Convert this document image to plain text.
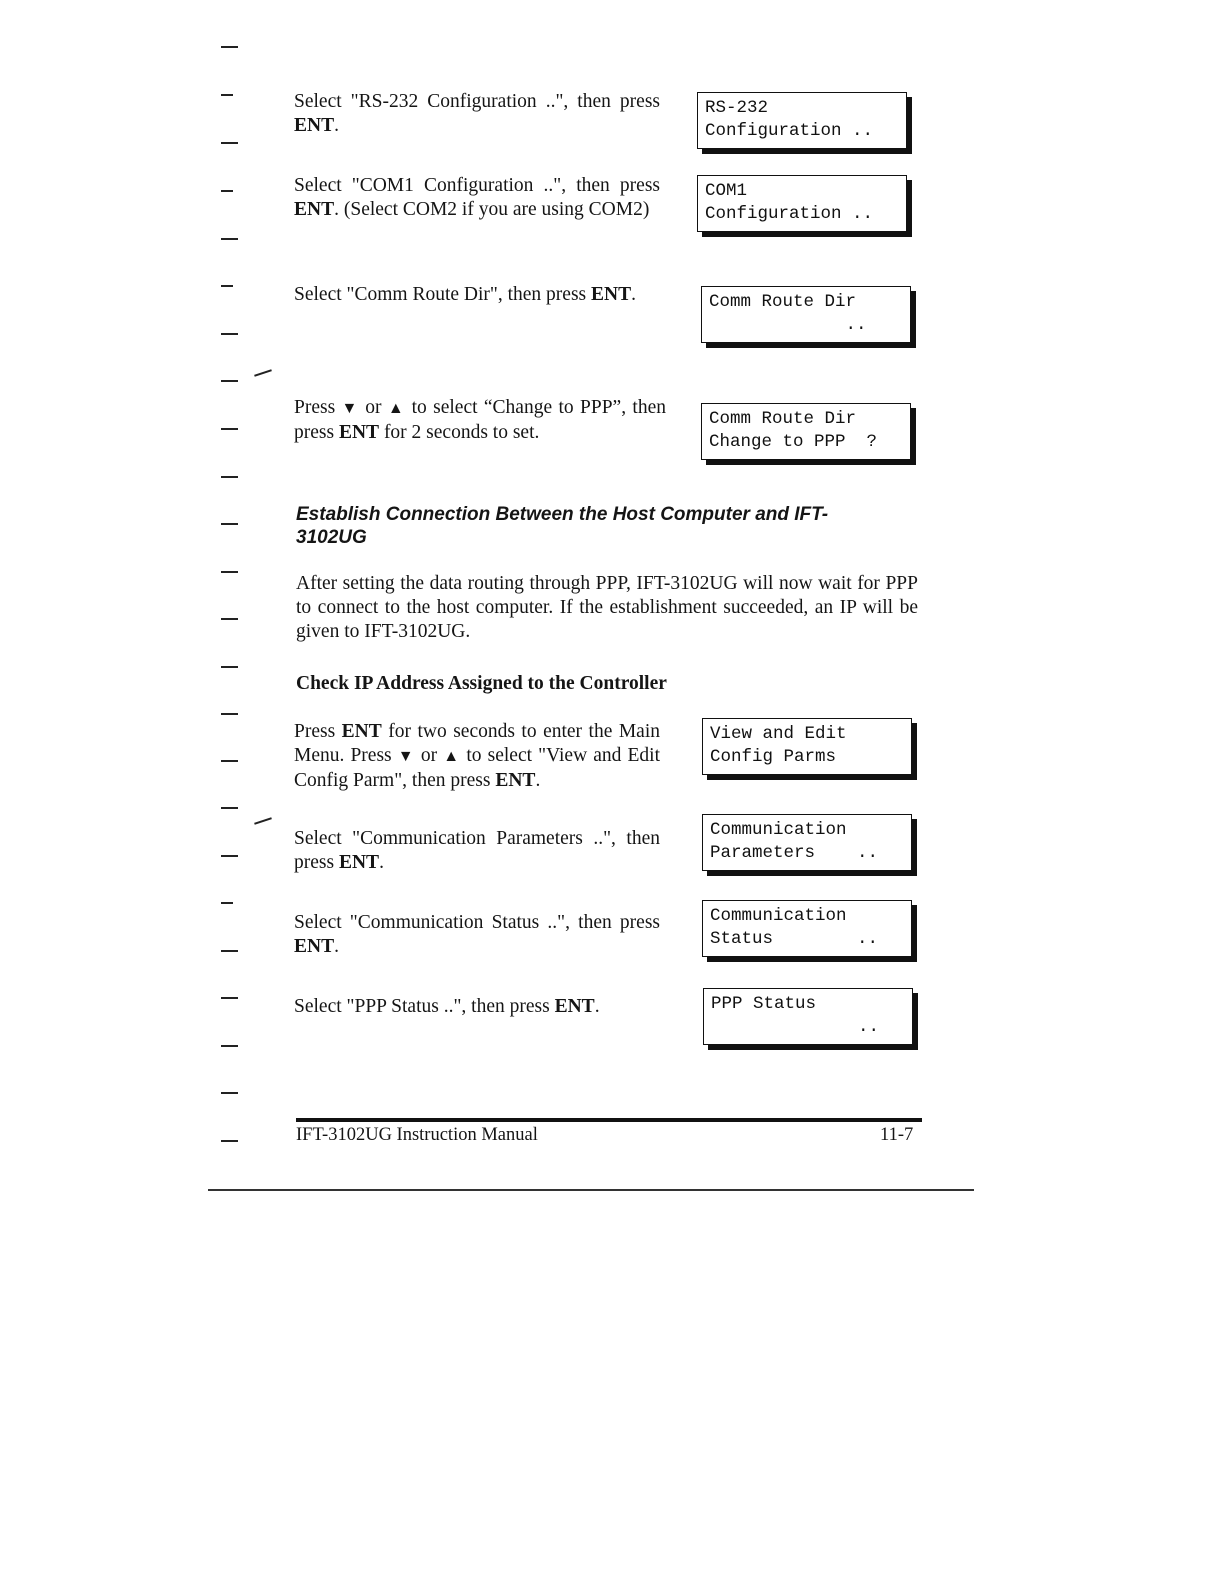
Select "RS-232 Configuration ..", then press ENT.
RS-232
Configuration ..
Select "COM1 Configuration ..", then press ENT. (Select COM2 if you are using COM2)
COM1
Configuration ..
Select "Comm Route Dir", then press ENT.	Comm Route Dir
..
Press ▼ or ▲ to select “Change to PPP”, then press ENT for 2 seconds to set.
Comm Route Dir
Change to PPP  ?
Establish Connection Between the Host Computer and IFT-
3102UG
After setting the data routing through PPP, IFT-3102UG will now wait for PPP to connect to the host computer. If the establishment succeeded, an IP will be given to IFT-3102UG.
Check IP Address Assigned to the Controller
Press ENT for two seconds to enter the Main Menu. Press ▼ or ▲ to select "View and Edit Config Parm", then press ENT.
View and Edit
Config Parms
Select "Communication Parameters ..", then press ENT.
Communication
Parameters    ..
Select "Communication Status ..", then press ENT.
Communication
Status        ..
Select "PPP Status ..", then press ENT.	PPP Status
..
IFT-3102UG Instruction Manual	11-7
